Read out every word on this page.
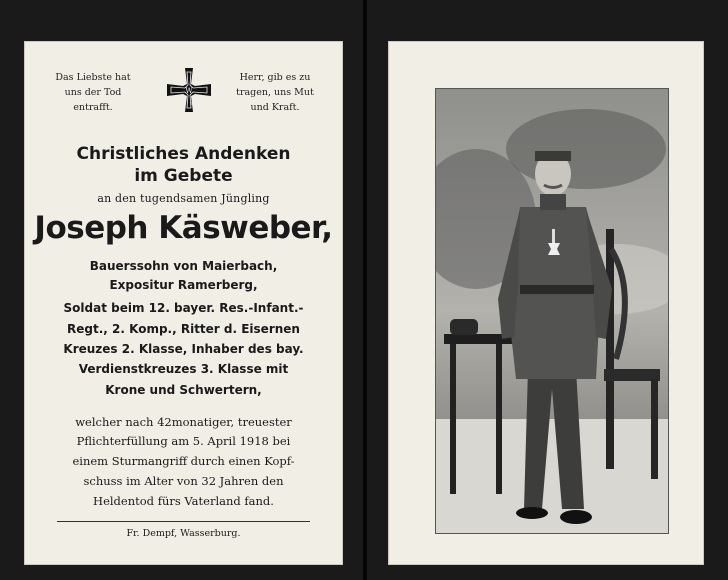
Das Liebste hat
uns der Tod
entrafft.
W
1914
Herr, gib es zu
tragen, uns Mut
und Kraft.
Christliches Andenken
im Gebete
an den tugendsamen Jüngling
Joseph Käsweber,
Bauerssohn von Maierbach,
Expositur Ramerberg,
Soldat beim 12. bayer. Res.-Infant.-
Regt., 2. Komp., Ritter d. Eisernen
Kreuzes 2. Klasse, Inhaber des bay.
Verdienstkreuzes 3. Klasse mit
Krone und Schwertern,
welcher nach 42monatiger, treuester
Pflichterfüllung am 5. April 1918 bei
einem Sturmangriff durch einen Kopf-
schuss im Alter von 32 Jahren den
Heldentod fürs Vaterland fand.
Fr. Dempf, Wasserburg.
